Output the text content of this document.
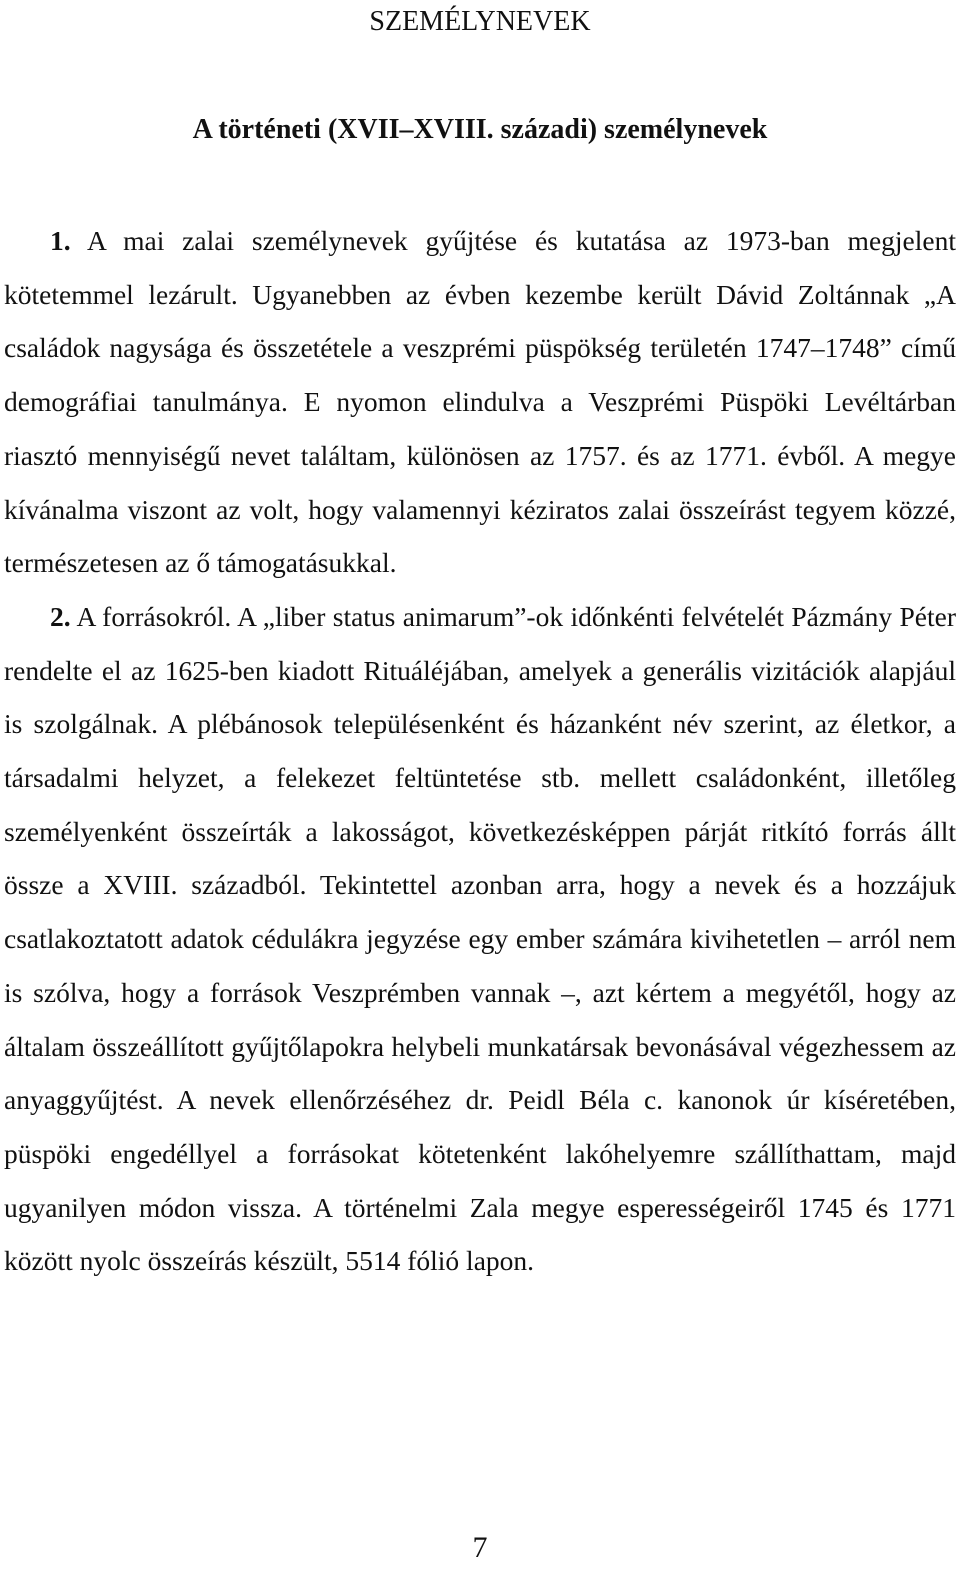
SZEMÉLYNEVEK
A történeti (XVII–XVIII. századi) személynevek

1. A mai zalai személynevek gyűjtése és kutatása az 1973-ban megjelent kötetemmel lezárult. Ugyanebben az évben kezembe került Dávid Zoltánnak „A családok nagysága és összetétele a veszprémi püspökség területén 1747–1748” című demográfiai tanulmánya. E nyomon elindulva a Veszprémi Püspöki Levéltárban riasztó mennyiségű nevet találtam, különösen az 1757. és az 1771. évből. A megye kívánalma viszont az volt, hogy valamennyi kéziratos zalai összeírást tegyem közzé, természetesen az ő támogatásukkal.

2. A forrásokról. A „liber status animarum”-ok időnkénti felvételét Pázmány Péter rendelte el az 1625-ben kiadott Rituáléjában, amelyek a generális vizitációk alapjául is szolgálnak. A plébánosok településenként és házanként név szerint, az életkor, a társadalmi helyzet, a felekezet feltüntetése stb. mellett családonként, illetőleg személyenként összeírták a lakosságot, következésképpen párját ritkító forrás állt össze a XVIII. századból. Tekintettel azonban arra, hogy a nevek és a hozzájuk csatlakoztatott adatok cédulákra jegyzése egy ember számára kivihetetlen – arról nem is szólva, hogy a források Veszprémben vannak –, azt kértem a megyétől, hogy az általam összeállított gyűjtőlapokra helybeli munkatársak bevonásával végezhessem az anyaggyűjtést. A nevek ellenőrzéséhez dr. Peidl Béla c. kanonok úr kíséretében, püspöki engedéllyel a forrásokat kötetenként lakóhelyemre szállíthattam, majd ugyanilyen módon vissza. A történelmi Zala megye esperességeiről 1745 és 1771 között nyolc összeírás készült, 5514 fólió lapon.

7
